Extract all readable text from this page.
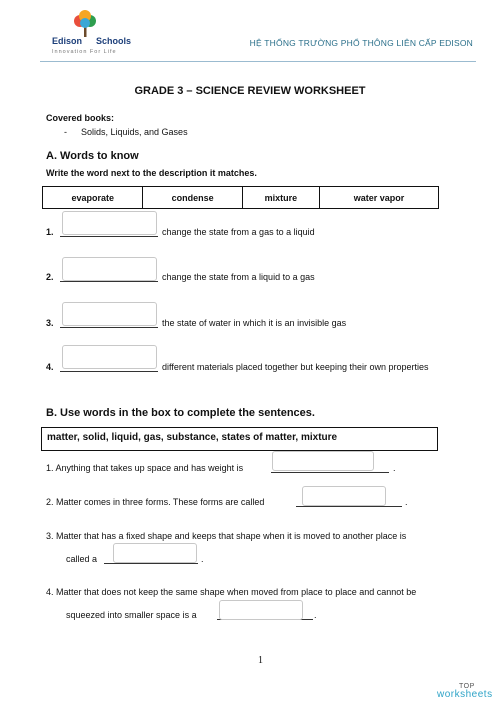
Edison Schools
Innovation For Life
HỆ THỐNG TRƯỜNG PHỔ THÔNG LIÊN CẤP EDISON
GRADE 3 – SCIENCE REVIEW WORKSHEET
Covered books:
- Solids, Liquids, and Gases
A. Words to know
Write the word next to the description it matches.
evaporate	condense	mixture	water vapor
1.	change the state from a gas to a liquid
2.	change the state from a liquid to a gas
3.	the state of water in which it is an invisible gas
4.	different materials placed together but keeping their own properties
B. Use words in the box to complete the sentences.
matter, solid, liquid, gas, substance, states of matter, mixture
1. Anything that takes up space and has weight is	.
2. Matter comes in three forms. These forms are called	.
3. Matter that has a fixed shape and keeps that shape when it is moved to another place is
called a	.
4. Matter that does not keep the same shape when moved from place to place and cannot be
squeezed into smaller space is a	.
1
TOP
worksheets
